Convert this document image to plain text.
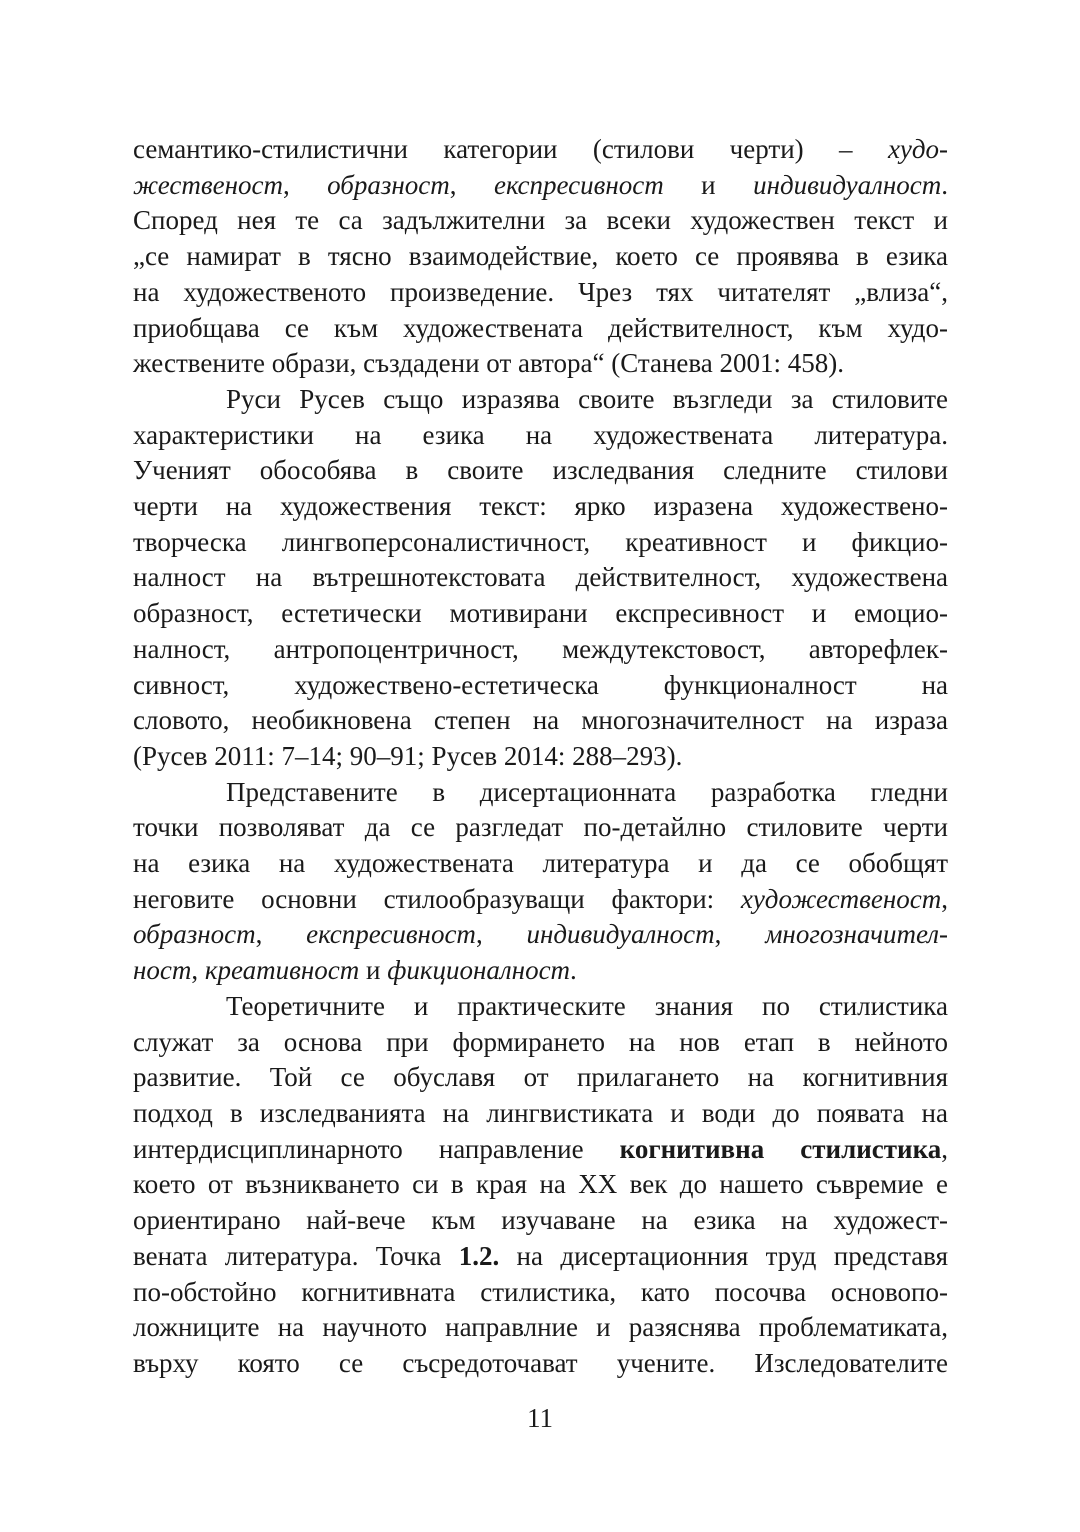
семантико-стилистични категории (стилови черти) – худо-
жественост, образност, експресивност и индивидуалност.
Според нея те са задължителни за всеки художествен текст и
„се намират в тясно взаимодействие, което се проявява в езика
на художественото произведение. Чрез тях читателят „влиза“,
приобщава се към художествената действителност, към худо-
жествените образи, създадени от автора“ (Станева 2001: 458).
Руси Русев също изразява своите възгледи за стиловите
характеристики на езика на художествената литература.
Ученият обособява в своите изследвания следните стилови
черти на художествения текст: ярко изразена художествено-
творческа лингвоперсоналистичност, креативност и фикцио-
налност на вътрешнотекстовата действителност, художествена
образност, естетически мотивирани експресивност и емоцио-
налност, антропоцентричност, междутекстовост, авторефлек-
сивност, художествено-естетическа функционалност на
словото, необикновена степен на многозначителност на израза
(Русев 2011: 7–14; 90–91; Русев 2014: 288–293).
Представените в дисертационната разработка гледни
точки позволяват да се разгледат по-детайлно стиловите черти
на езика на художествената литература и да се обобщят
неговите основни стилообразуващи фактори: художественост,
образност, експресивност, индивидуалност, многозначител-
ност, креативност и фикционалност.
Теоретичните и практическите знания по стилистика
служат за основа при формирането на нов етап в нейното
развитие. Той се обуславя от прилагането на когнитивния
подход в изследванията на лингвистиката и води до появата на
интердисциплинарното направление когнитивна стилистика,
което от възникването си в края на XX век до нашето съвремие е
ориентирано най-вече към изучаване на езика на художест-
вената литература. Точка 1.2. на дисертационния труд представя
по-обстойно когнитивната стилистика, като посочва основопо-
ложниците на научното направлние и разяснява проблематиката,
върху която се съсредоточават учените. Изследователите
11
